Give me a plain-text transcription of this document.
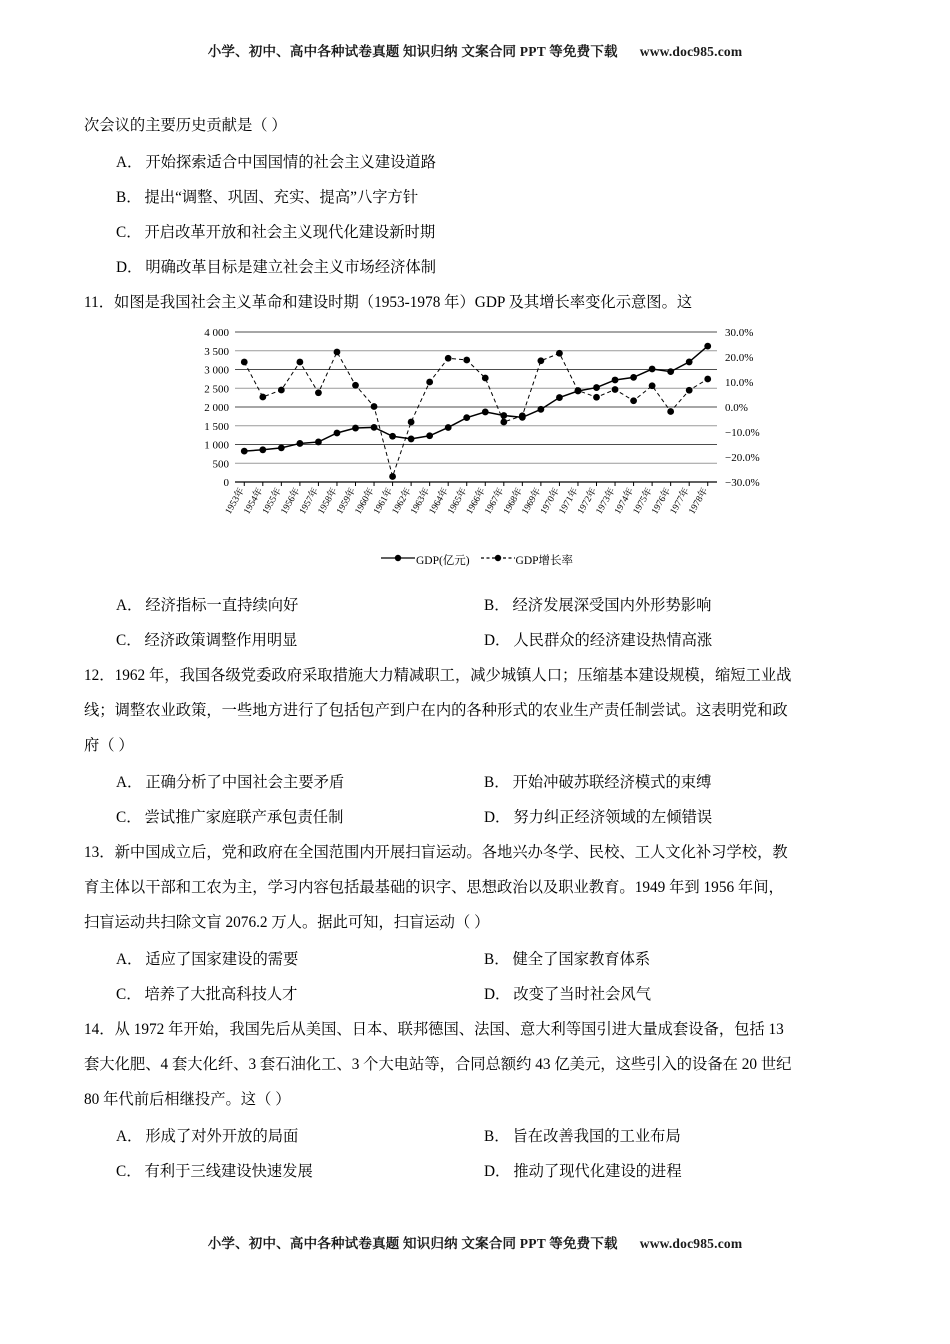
小学、初中、高中各种试卷真题 知识归纳 文案合同 PPT 等免费下载 www.doc985.com
次会议的主要历史贡献是（ ）
A． 开始探索适合中国国情的社会主义建设道路
B． 提出“调整、巩固、充实、提高”八字方针
C． 开启改革开放和社会主义现代化建设新时期
D． 明确改革目标是建立社会主义市场经济体制
11．如图是我国社会主义革命和建设时期（1953-1978 年）GDP 及其增长率变化示意图。这
0
500
1 000
1 500
2 000
2 500
3 000
3 500
4 000
−30.0%
−20.0%
−10.0%
0.0%
10.0%
20.0%
30.0%
1953年
1954年
1955年
1956年
1957年
1958年
1959年
1960年
1961年
1962年
1963年
1964年
1965年
1966年
1967年
1968年
1969年
1970年
1971年
1972年
1973年
1974年
1975年
1976年
1977年
1978年
GDP(亿元)	GDP增长率
A． 经济指标一直持续向好	B． 经济发展深受国内外形势影响
C． 经济政策调整作用明显	D． 人民群众的经济建设热情高涨
12．1962 年，我国各级党委政府采取措施大力精减职工，减少城镇人口；压缩基本建设规模，缩短工业战
线；调整农业政策，一些地方进行了包括包产到户在内的各种形式的农业生产责任制尝试。这表明党和政
府（ ）
A． 正确分析了中国社会主要矛盾	B． 开始冲破苏联经济模式的束缚
C． 尝试推广家庭联产承包责任制	D． 努力纠正经济领域的左倾错误
13．新中国成立后，党和政府在全国范围内开展扫盲运动。各地兴办冬学、民校、工人文化补习学校，教
育主体以干部和工农为主，学习内容包括最基础的识字、思想政治以及职业教育。1949 年到 1956 年间，
扫盲运动共扫除文盲 2076.2 万人。据此可知，扫盲运动（ ）
A． 适应了国家建设的需要	B． 健全了国家教育体系
C． 培养了大批高科技人才	D． 改变了当时社会风气
14．从 1972 年开始，我国先后从美国、日本、联邦德国、法国、意大利等国引进大量成套设备，包括 13
套大化肥、4 套大化纤、3 套石油化工、3 个大电站等，合同总额约 43 亿美元，这些引入的设备在 20 世纪
80 年代前后相继投产。这（ ）
A． 形成了对外开放的局面	B． 旨在改善我国的工业布局
C． 有利于三线建设快速发展	D． 推动了现代化建设的进程
小学、初中、高中各种试卷真题 知识归纳 文案合同 PPT 等免费下载 www.doc985.com
